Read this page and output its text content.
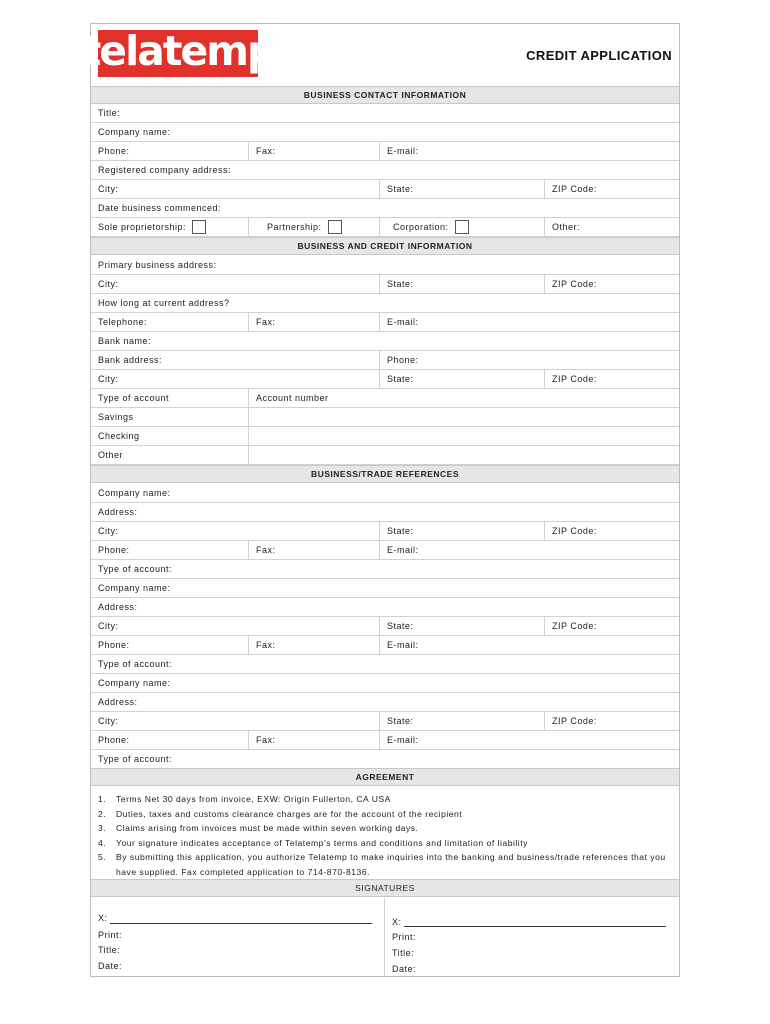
telatemp	CREDIT APPLICATION
BUSINESS CONTACT INFORMATION
Title:
Company name:
Phone:	Fax:	E-mail:
Registered company address:
City:	State:	ZIP Code:
Date business commenced:
Sole proprietorship:	Partnership:	Corporation:	Other:
BUSINESS AND CREDIT INFORMATION
Primary business address:
City:	State:	ZIP Code:
How long at current address?
Telephone:	Fax:	E-mail:
Bank name:
Bank address:	Phone:
City:	State:	ZIP Code:
Type of account	Account number
Savings
Checking
Other
BUSINESS/TRADE REFERENCES
Company name:
Address:
City:	State:	ZIP Code:
Phone:	Fax:	E-mail:
Type of account:
Company name:
Address:
City:	State:	ZIP Code:
Phone:	Fax:	E-mail:
Type of account:
Company name:
Address:
City:	State:	ZIP Code:
Phone:	Fax:	E-mail:
Type of account:
AGREEMENT
1.	Terms Net 30 days from invoice, EXW: Origin Fullerton, CA USA
2.	Duties, taxes and customs clearance charges are for the account of the recipient
3.	Claims arising from invoices must be made within seven working days.
4.	Your signature indicates acceptance of Telatemp’s terms and conditions and limitation of liability
5.	By submitting this application, you authorize Telatemp to make inquiries into the banking and business/trade references that you have supplied. Fax completed application to 714-870-8136.
SIGNATURES
X:
Print:
Title:
Date:
X:
Print:
Title:
Date:
